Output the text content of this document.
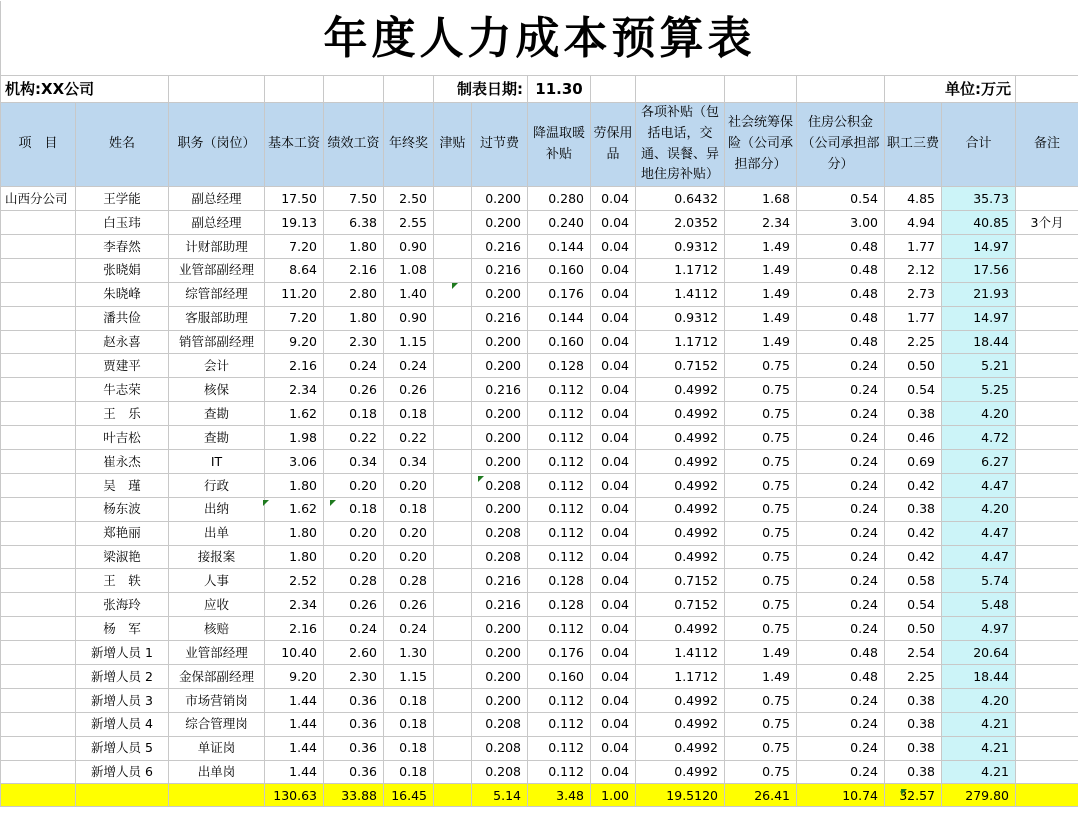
年度人力成本预算表															
机构:XX公司						制表日期:		11.30					单位:万元		
项　目	姓名	职务（岗位）	基本工资	绩效工资	年终奖	津贴	过节费	降温取暖补贴	劳保用品	各项补贴（包括电话，交通、误餐、异地住房补贴）	社会统筹保险（公司承担部分）	住房公积金（公司承担部分）	职工三费	合计	备注
山西分公司	王学能	副总经理	17.50	7.50	2.50		0.200	0.280	0.04	0.6432	1.68	0.54	4.85	35.73	
	白玉玮	副总经理	19.13	6.38	2.55		0.200	0.240	0.04	2.0352	2.34	3.00	4.94	40.85	3个月
	李春然	计财部助理	7.20	1.80	0.90		0.216	0.144	0.04	0.9312	1.49	0.48	1.77	14.97	
	张晓娟	业管部副经理	8.64	2.16	1.08		0.216	0.160	0.04	1.1712	1.49	0.48	2.12	17.56	
	朱晓峰	综管部经理	11.20	2.80	1.40		0.200	0.176	0.04	1.4112	1.49	0.48	2.73	21.93	
	潘共俭	客服部助理	7.20	1.80	0.90		0.216	0.144	0.04	0.9312	1.49	0.48	1.77	14.97	
	赵永喜	销管部副经理	9.20	2.30	1.15		0.200	0.160	0.04	1.1712	1.49	0.48	2.25	18.44	
	贾建平	会计	2.16	0.24	0.24		0.200	0.128	0.04	0.7152	0.75	0.24	0.50	5.21	
	牛志荣	核保	2.34	0.26	0.26		0.216	0.112	0.04	0.4992	0.75	0.24	0.54	5.25	
	王　乐	查勘	1.62	0.18	0.18		0.200	0.112	0.04	0.4992	0.75	0.24	0.38	4.20	
	叶吉松	查勘	1.98	0.22	0.22		0.200	0.112	0.04	0.4992	0.75	0.24	0.46	4.72	
	崔永杰	IT	3.06	0.34	0.34		0.200	0.112	0.04	0.4992	0.75	0.24	0.69	6.27	
	吴　瑾	行政	1.80	0.20	0.20		0.208	0.112	0.04	0.4992	0.75	0.24	0.42	4.47	
	杨东波	出纳	1.62	0.18	0.18		0.200	0.112	0.04	0.4992	0.75	0.24	0.38	4.20	
	郑艳丽	出单	1.80	0.20	0.20		0.208	0.112	0.04	0.4992	0.75	0.24	0.42	4.47	
	梁淑艳	接报案	1.80	0.20	0.20		0.208	0.112	0.04	0.4992	0.75	0.24	0.42	4.47	
	王　轶	人事	2.52	0.28	0.28		0.216	0.128	0.04	0.7152	0.75	0.24	0.58	5.74	
	张海玲	应收	2.34	0.26	0.26		0.216	0.128	0.04	0.7152	0.75	0.24	0.54	5.48	
	杨　军	核赔	2.16	0.24	0.24		0.200	0.112	0.04	0.4992	0.75	0.24	0.50	4.97	
	新增人员 1	业管部经理	10.40	2.60	1.30		0.200	0.176	0.04	1.4112	1.49	0.48	2.54	20.64	
	新增人员 2	金保部副经理	9.20	2.30	1.15		0.200	0.160	0.04	1.1712	1.49	0.48	2.25	18.44	
	新增人员 3	市场营销岗	1.44	0.36	0.18		0.200	0.112	0.04	0.4992	0.75	0.24	0.38	4.20	
	新增人员 4	综合管理岗	1.44	0.36	0.18		0.208	0.112	0.04	0.4992	0.75	0.24	0.38	4.21	
	新增人员 5	单证岗	1.44	0.36	0.18		0.208	0.112	0.04	0.4992	0.75	0.24	0.38	4.21	
	新增人员 6	出单岗	1.44	0.36	0.18		0.208	0.112	0.04	0.4992	0.75	0.24	0.38	4.21	
			130.63	33.88	16.45		5.14	3.48	1.00	19.5120	26.41	10.74	32.57	279.80	
